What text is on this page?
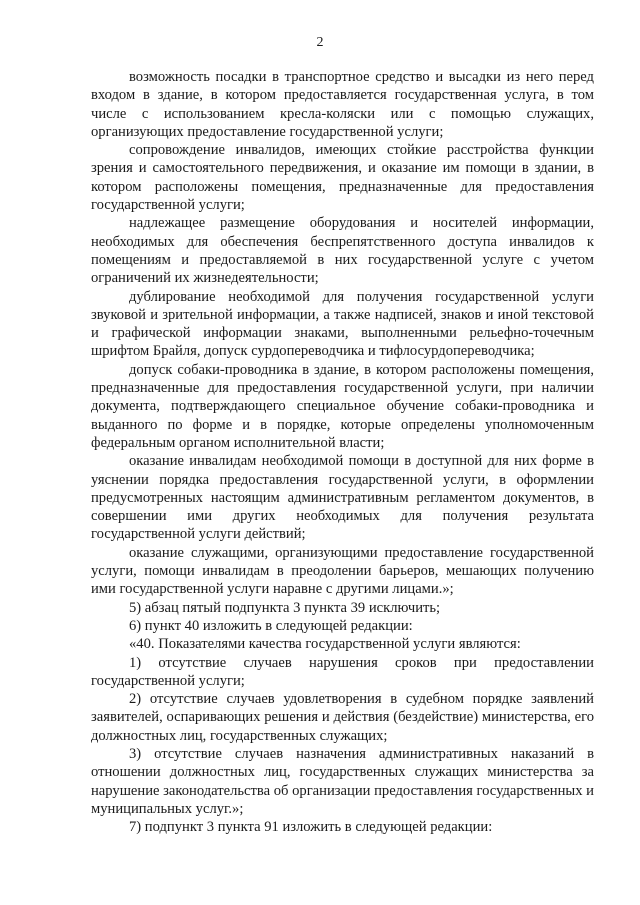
2

возможность посадки в транспортное средство и высадки из него перед входом в здание, в котором предоставляется государственная услуга, в том числе с использованием кресла-коляски или с помощью служащих, организующих предоставление государственной услуги;

сопровождение инвалидов, имеющих стойкие расстройства функции зрения и самостоятельного передвижения, и оказание им помощи в здании, в котором расположены помещения, предназначенные для предоставления государственной услуги;

надлежащее размещение оборудования и носителей информации, необходимых для обеспечения беспрепятственного доступа инвалидов к помещениям и предоставляемой в них государственной услуге с учетом ограничений их жизнедеятельности;

дублирование необходимой для получения государственной услуги звуковой и зрительной информации, а также надписей, знаков и иной текстовой и графической информации знаками, выполненными рельефно-точечным шрифтом Брайля, допуск сурдопереводчика и тифлосурдопереводчика;

допуск собаки-проводника в здание, в котором расположены помещения, предназначенные для предоставления государственной услуги, при наличии документа, подтверждающего специальное обучение собаки-проводника и выданного по форме и в порядке, которые определены уполномоченным федеральным органом исполнительной власти;

оказание инвалидам необходимой помощи в доступной для них форме в уяснении порядка предоставления государственной услуги, в оформлении предусмотренных настоящим административным регламентом документов, в совершении ими других необходимых для получения результата государственной услуги действий;

оказание служащими, организующими предоставление государственной услуги, помощи инвалидам в преодолении барьеров, мешающих получению ими государственной услуги наравне с другими лицами.»;

5) абзац пятый подпункта 3 пункта 39 исключить;

6) пункт 40 изложить в следующей редакции:

«40. Показателями качества государственной услуги являются:

1) отсутствие случаев нарушения сроков при предоставлении государственной услуги;

2) отсутствие случаев удовлетворения в судебном порядке заявлений заявителей, оспаривающих решения и действия (бездействие) министерства, его должностных лиц, государственных служащих;

3) отсутствие случаев назначения административных наказаний в отношении должностных лиц, государственных служащих министерства за нарушение законодательства об организации предоставления государственных и муниципальных услуг.»;

7) подпункт 3 пункта 91 изложить в следующей редакции:
